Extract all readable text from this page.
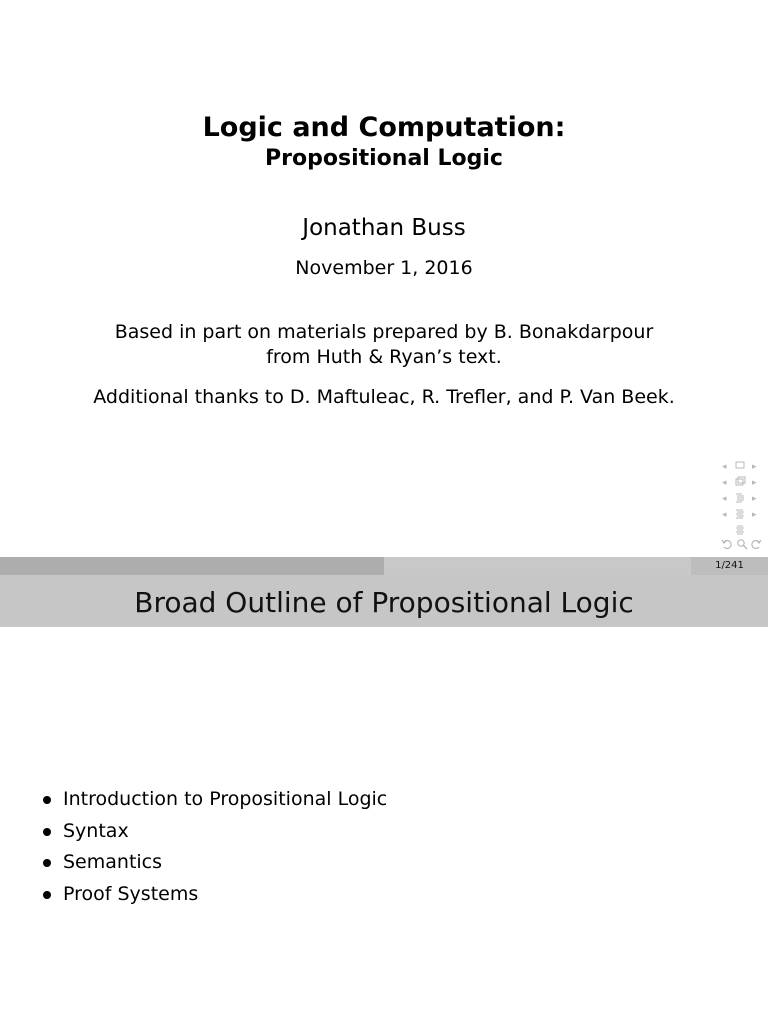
Logic and Computation:
Propositional Logic
Jonathan Buss
November 1, 2016
Based in part on materials prepared by B. Bonakdarpour
from Huth & Ryan’s text.
Additional thanks to D. Maftuleac, R. Trefler, and P. Van Beek.
◂	▸
◂	▸
◂	▸
◂	▸
1/241
Broad Outline of Propositional Logic
Introduction to Propositional Logic
Syntax
Semantics
Proof Systems
